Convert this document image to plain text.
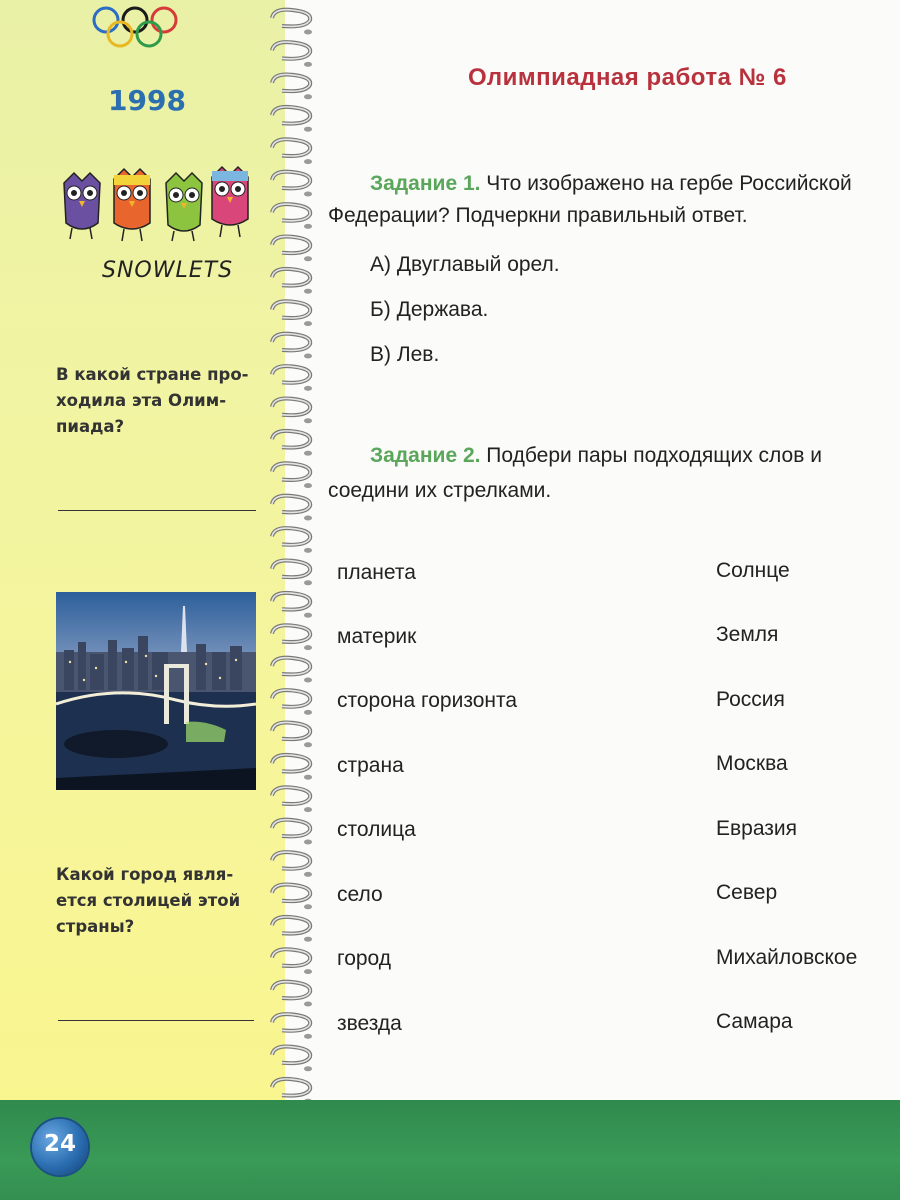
1998
SNOWLETS
В какой стране про-
ходила эта Олим-
пиада?
Какой город явля-
ется столицей этой
страны?
Олимпиадная работа № 6
Задание 1. Что изображено на гербе Российской
Федерации? Подчеркни правильный ответ.
А) Двуглавый орел.
Б) Держава.
В) Лев.
Задание 2. Подбери пары подходящих слов и
соедини их стрелками.
планета
материк
сторона горизонта
страна
столица
село
город
звезда
Солнце
Земля
Россия
Москва
Евразия
Север
Михайловское
Самара
24
